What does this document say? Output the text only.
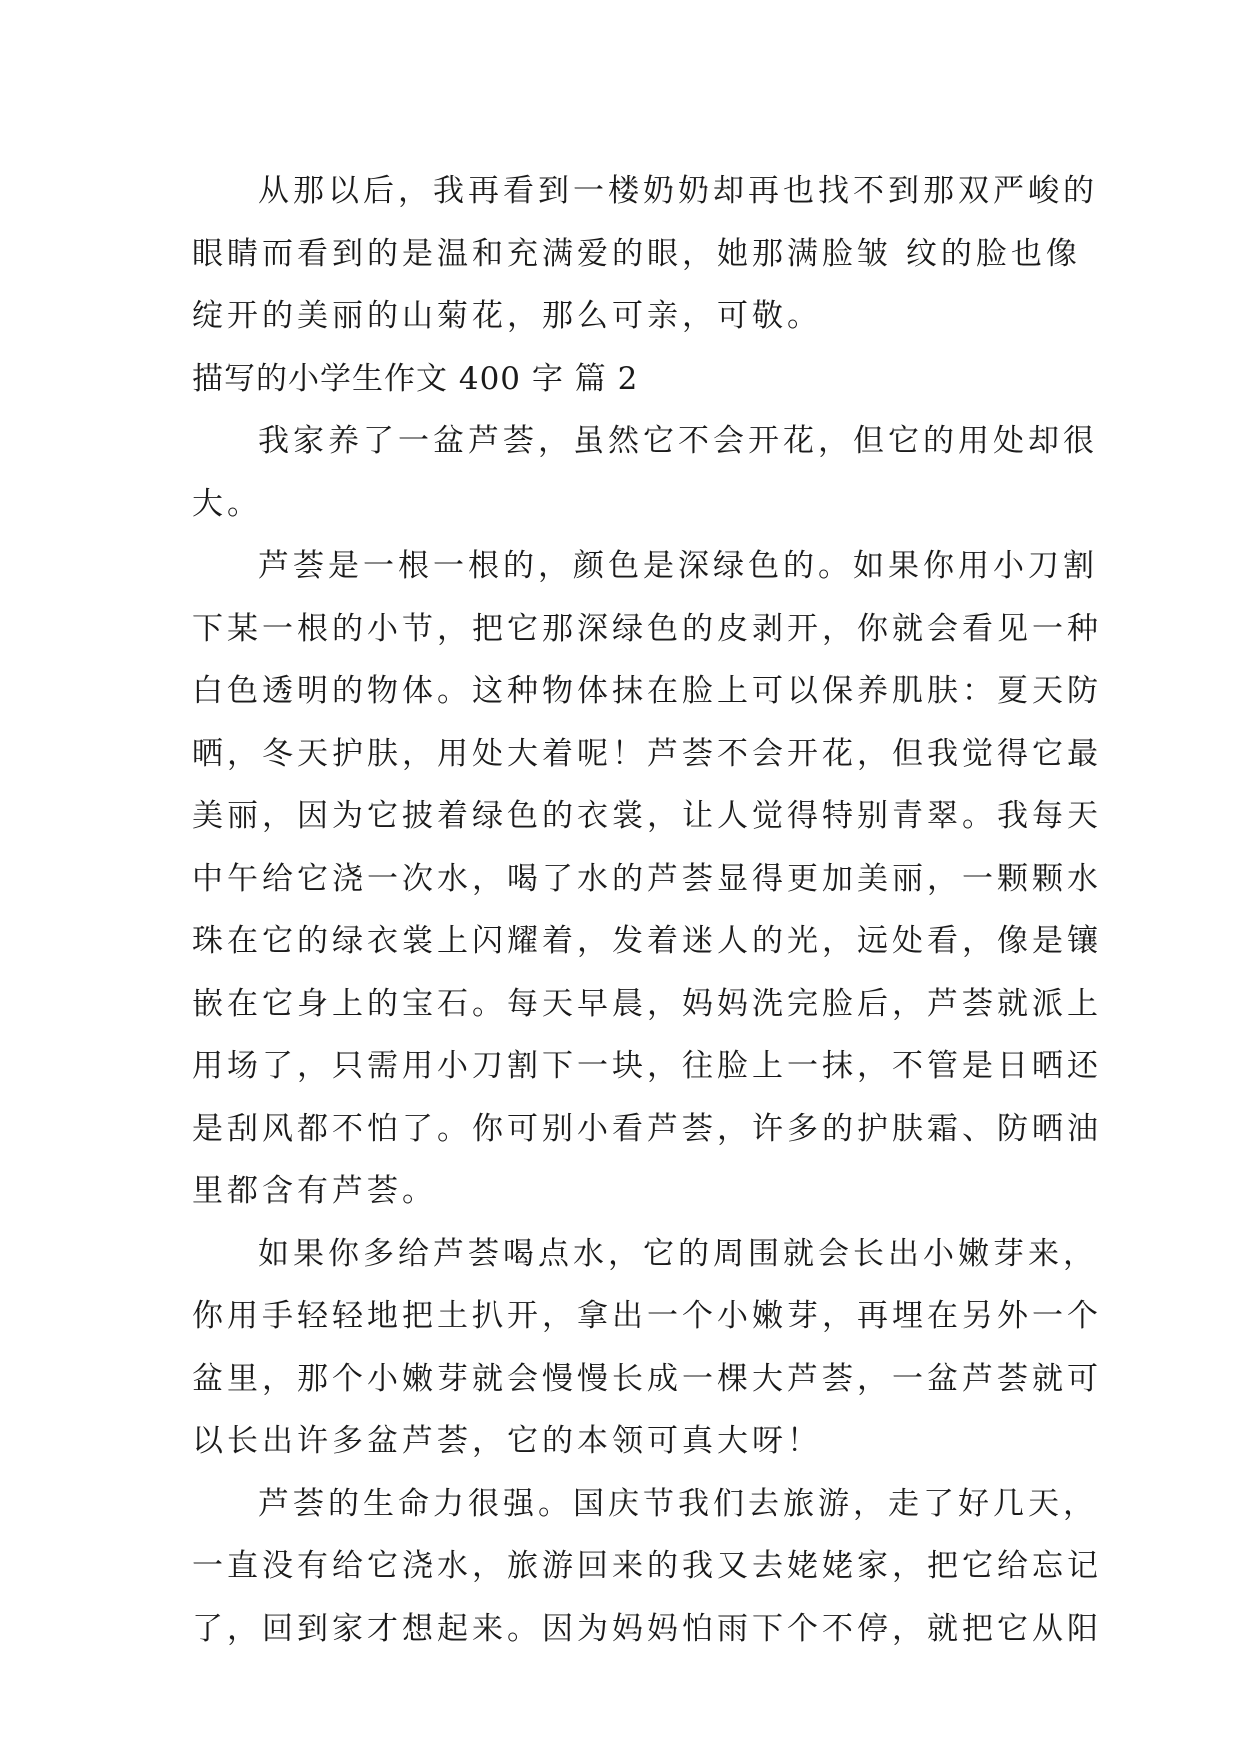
从那以后，我再看到一楼奶奶却再也找不到那双严峻的
眼睛而看到的是温和充满爱的眼，她那满脸皱 纹的脸也像
绽开的美丽的山菊花，那么可亲，可敬。
描写的小学生作文 400 字 篇 2
我家养了一盆芦荟，虽然它不会开花，但它的用处却很
大。
芦荟是一根一根的，颜色是深绿色的。如果你用小刀割
下某一根的小节，把它那深绿色的皮剥开，你就会看见一种
白色透明的物体。这种物体抹在脸上可以保养肌肤：夏天防
晒，冬天护肤，用处大着呢！芦荟不会开花，但我觉得它最
美丽，因为它披着绿色的衣裳，让人觉得特别青翠。我每天
中午给它浇一次水，喝了水的芦荟显得更加美丽，一颗颗水
珠在它的绿衣裳上闪耀着，发着迷人的光，远处看，像是镶
嵌在它身上的宝石。每天早晨，妈妈洗完脸后，芦荟就派上
用场了，只需用小刀割下一块，往脸上一抹，不管是日晒还
是刮风都不怕了。你可别小看芦荟，许多的护肤霜、防晒油
里都含有芦荟。
如果你多给芦荟喝点水，它的周围就会长出小嫩芽来，
你用手轻轻地把土扒开，拿出一个小嫩芽，再埋在另外一个
盆里，那个小嫩芽就会慢慢长成一棵大芦荟，一盆芦荟就可
以长出许多盆芦荟，它的本领可真大呀！
芦荟的生命力很强。国庆节我们去旅游，走了好几天，
一直没有给它浇水，旅游回来的我又去姥姥家，把它给忘记
了，回到家才想起来。因为妈妈怕雨下个不停，就把它从阳
